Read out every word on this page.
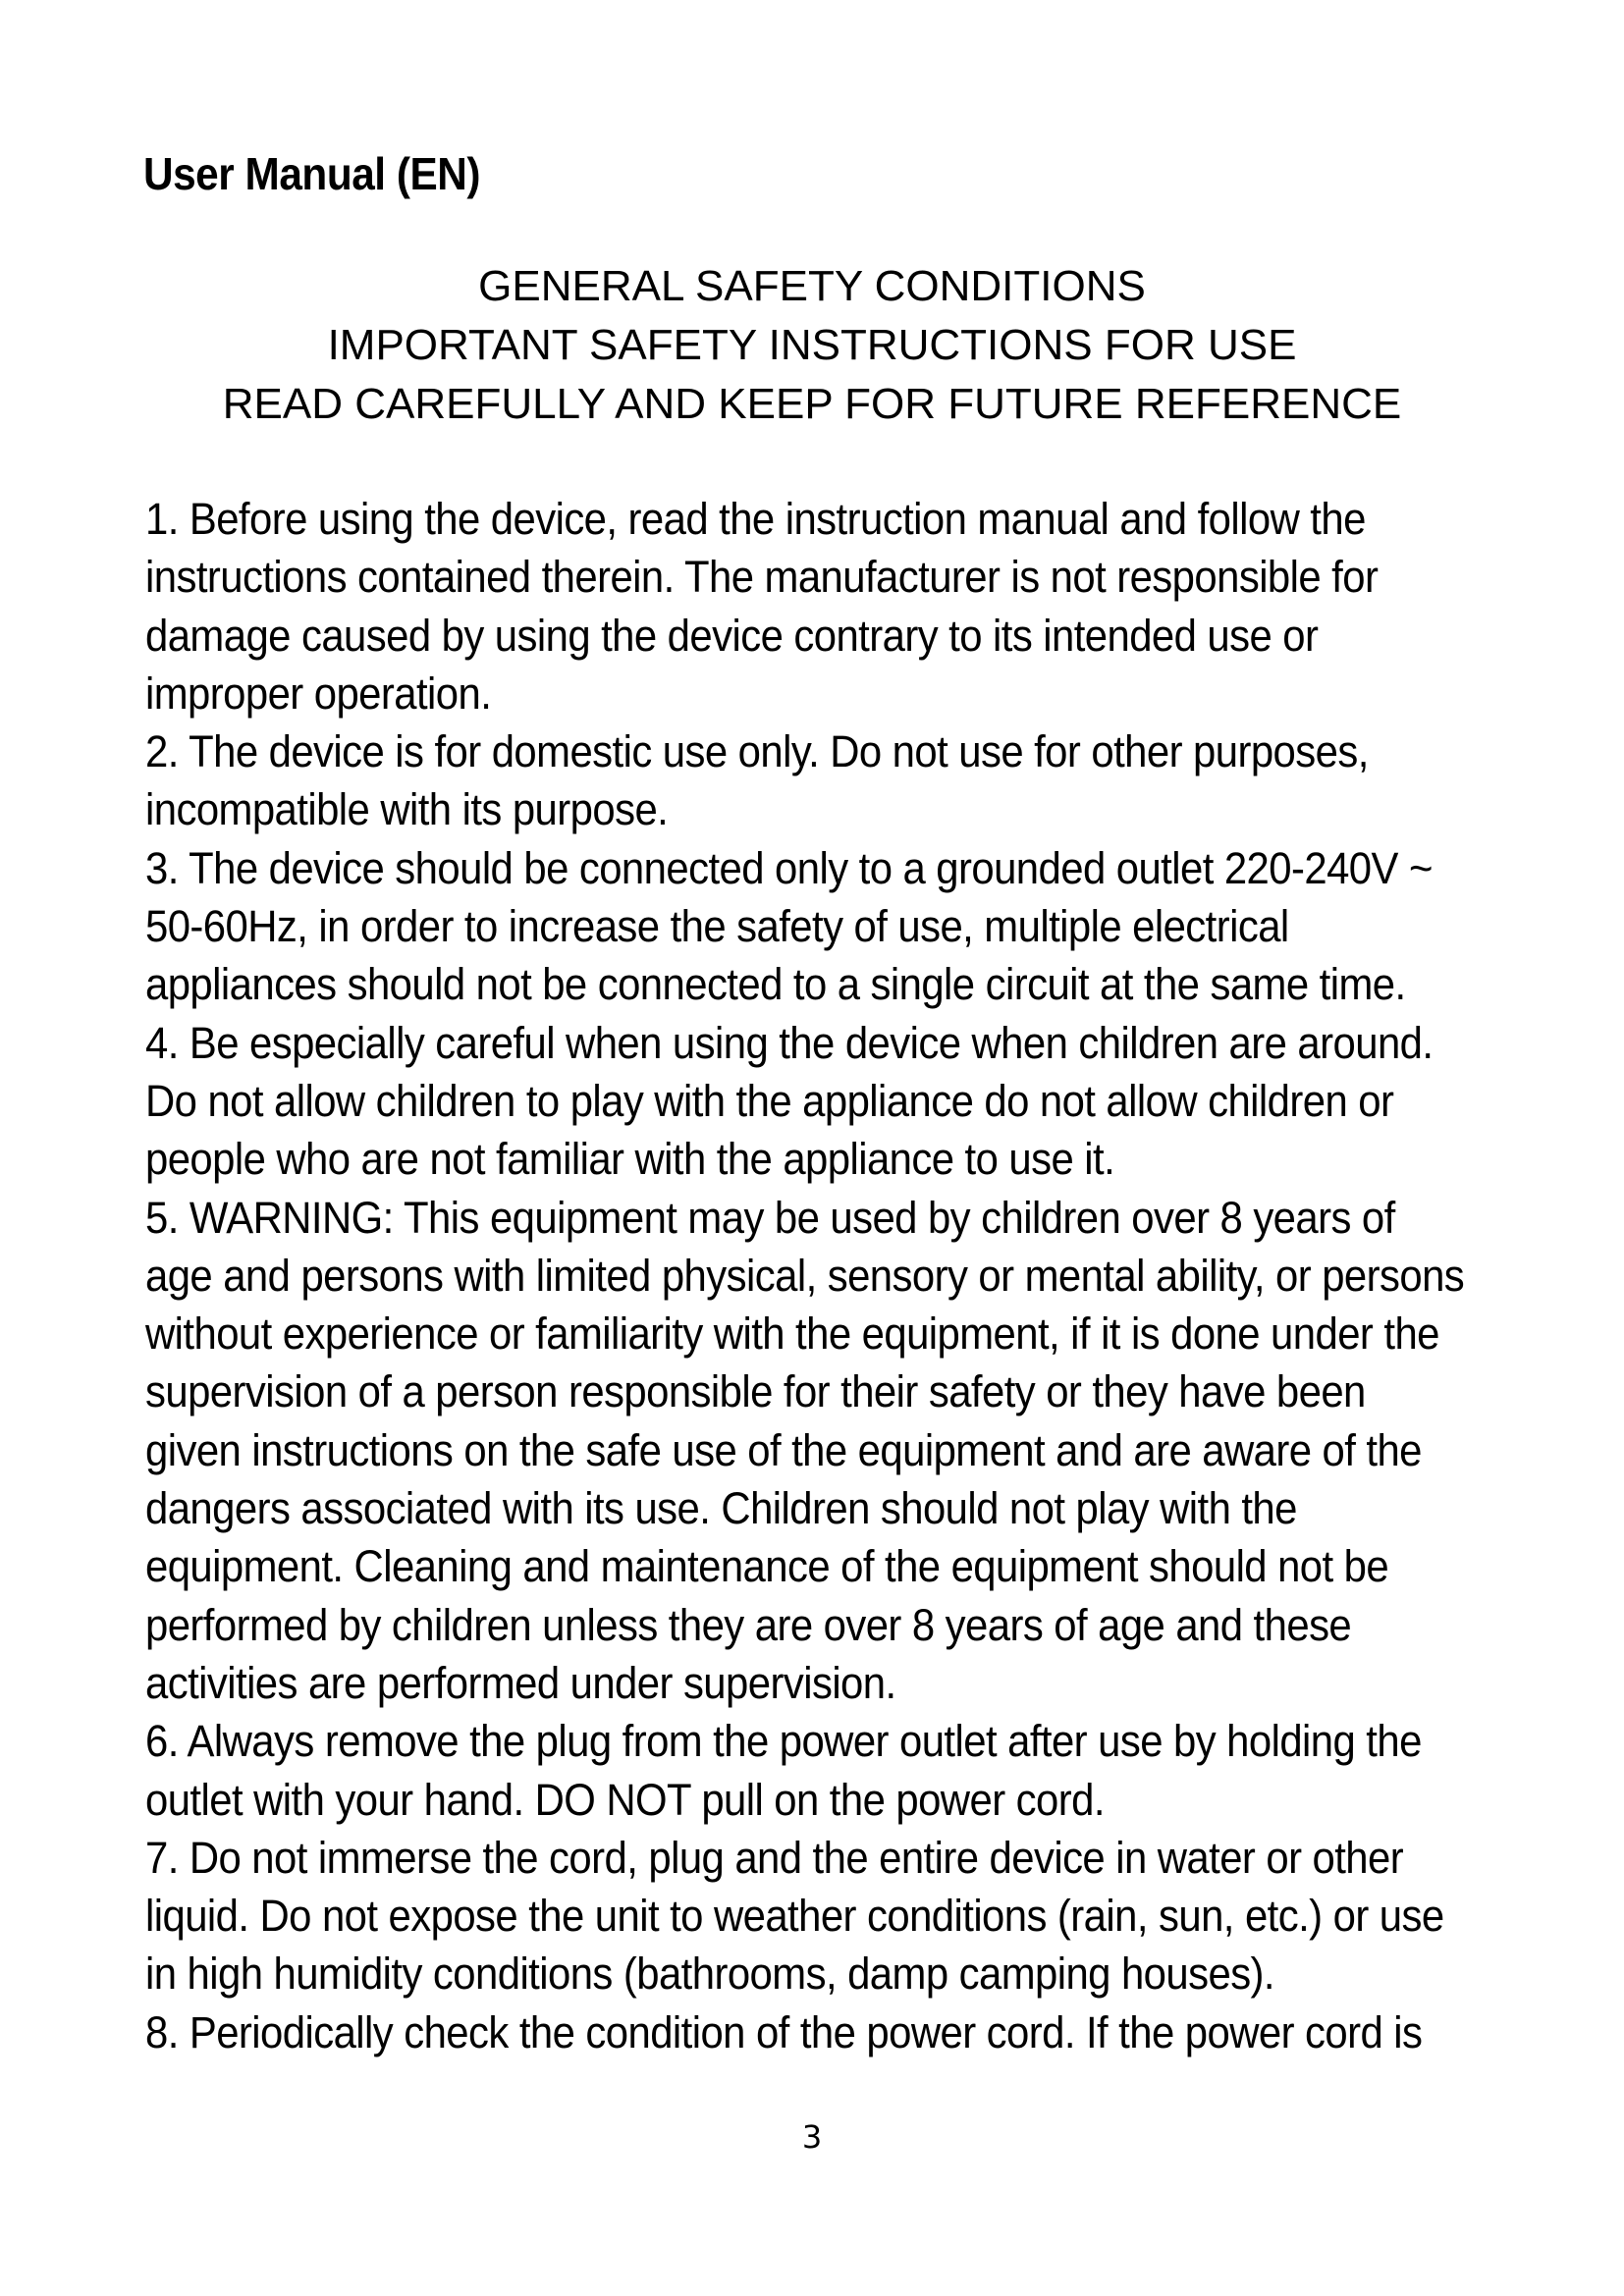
User Manual (EN)
GENERAL SAFETY CONDITIONS
IMPORTANT SAFETY INSTRUCTIONS FOR USE
READ CAREFULLY AND KEEP FOR FUTURE REFERENCE
1. Before using the device, read the instruction manual and follow the
instructions contained therein. The manufacturer is not responsible for
damage caused by using the device contrary to its intended use or
improper operation.
2. The device is for domestic use only. Do not use for other purposes,
incompatible with its purpose.
3. The device should be connected only to a grounded outlet 220-240V ~
50-60Hz, in order to increase the safety of use, multiple electrical
appliances should not be connected to a single circuit at the same time.
4. Be especially careful when using the device when children are around.
Do not allow children to play with the appliance do not allow children or
people who are not familiar with the appliance to use it.
5. WARNING: This equipment may be used by children over 8 years of
age and persons with limited physical, sensory or mental ability, or persons
without experience or familiarity with the equipment, if it is done under the
supervision of a person responsible for their safety or they have been
given instructions on the safe use of the equipment and are aware of the
dangers associated with its use. Children should not play with the
equipment. Cleaning and maintenance of the equipment should not be
performed by children unless they are over 8 years of age and these
activities are performed under supervision.
6. Always remove the plug from the power outlet after use by holding the
outlet with your hand. DO NOT pull on the power cord.
7. Do not immerse the cord, plug and the entire device in water or other
liquid. Do not expose the unit to weather conditions (rain, sun, etc.) or use
in high humidity conditions (bathrooms, damp camping houses).
8. Periodically check the condition of the power cord. If the power cord is
3
